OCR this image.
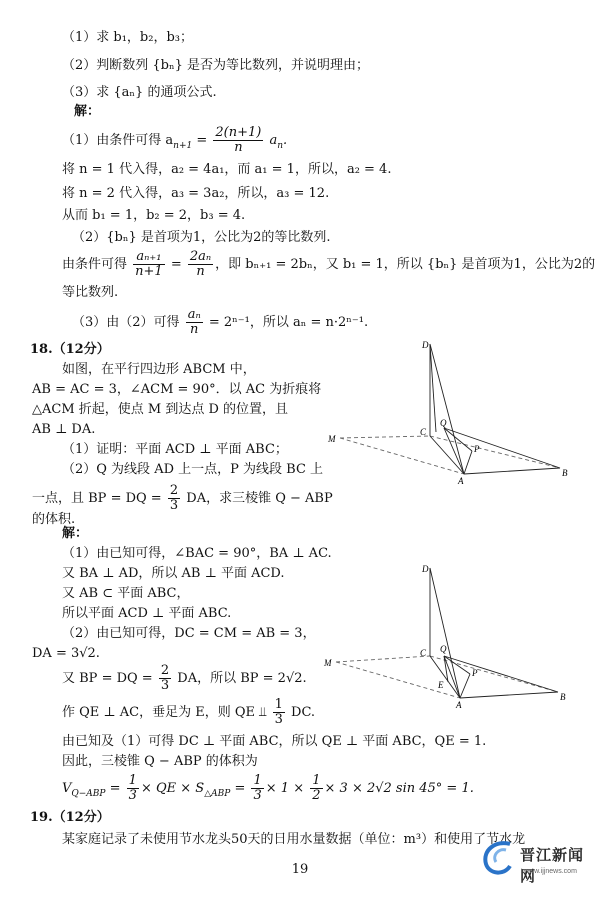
（1）求 b₁，b₂，b₃；
（2）判断数列 {bₙ} 是否为等比数列，并说明理由；
（3）求 {aₙ} 的通项公式.
解：
（1）由条件可得 $a_{n+1} = \frac{2(n+1)}{n} a_n$.
将 n = 1 代入得，a₂ = 4a₁，而 a₁ = 1，所以，a₂ = 4.
将 n = 2 代入得，a₃ = 3a₂，所以，a₃ = 12.
从而 b₁ = 1，b₂ = 2，b₃ = 4.
（2）{bₙ} 是首项为1，公比为2的等比数列.
由条件可得 $\frac{\text{aₙ₊₁}}{n+1} = \frac{\text{2aₙ}}{n}$ ，即 bₙ₊₁ = 2bₙ，又 b₁ = 1，所以 {bₙ} 是首项为1，公比为2的
等比数列.
（3）由（2）可得 $\frac{\text{aₙ}}{n} = 2^{n-1}$，所以 aₙ = n·2ⁿ⁻¹.
18.（12分）
如图，在平行四边形 ABCM 中，
AB = AC = 3，∠ACM = 90°．以 AC 为折痕将
△ACM 折起，使点 M 到达点 D 的位置，且
AB ⊥ DA.
（1）证明：平面 ACD ⊥ 平面 ABC；
（2）Q 为线段 AD 上一点，P 为线段 BC 上
一点，且 BP = DQ = $\frac{2}{3}$ DA，求三棱锥 Q − ABP
的体积.
D
M
C
Q
P
A
B
解：
（1）由已知可得，∠BAC = 90°，BA ⊥ AC.
又 BA ⊥ AD，所以 AB ⊥ 平面 ACD.
又 AB ⊂ 平面 ABC，
所以平面 ACD ⊥ 平面 ABC.
（2）由已知可得，DC = CM = AB = 3，
DA = 3√2.
又 BP = DQ = $\frac{2}{3}$ DA，所以 BP = 2√2.
作 QE ⊥ AC，垂足为 E，则 QE ⫫ $\frac{1}{3}$ DC.
由已知及（1）可得 DC ⊥ 平面 ABC，所以 QE ⊥ 平面 ABC，QE = 1.
因此，三棱锥 Q − ABP 的体积为
$V_{Q-ABP} = \frac{1}{3}$ × QE × $S_{\triangle ABP} = \frac{1}{3} \times 1 \times \frac{1}{2} \times 3 \times 2√2$ sin 45° = 1.
D
M
C Q
P
E
A
B
19.（12分）
某家庭记录了未使用节水龙头50天的日用水量数据（单位：m³）和使用了节水龙
19
晋江新闻网
www.ijjnews.com
